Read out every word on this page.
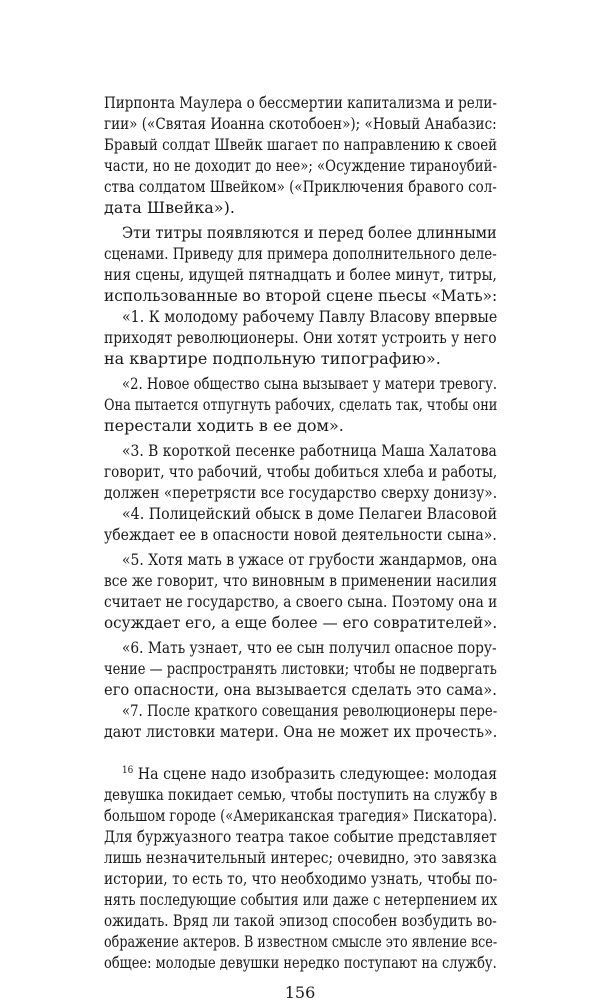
Пирпонта Маулера о бессмертии капитализма и рели-
гии» («Святая Иоанна скотобоен»); «Новый Анабазис:
Бравый солдат Швейк шагает по направлению к своей
части, но не доходит до нее»; «Осуждение тираноубий-
ства солдатом Швейком» («Приключения бравого сол-
дата Швейка»).
Эти титры появляются и перед более длинными
сценами. Приведу для примера дополнительного деле-
ния сцены, идущей пятнадцать и более минут, титры,
использованные во второй сцене пьесы «Мать»:
«1. К молодому рабочему Павлу Власову впервые
приходят революционеры. Они хотят устроить у него
на квартире подпольную типографию».
«2. Новое общество сына вызывает у матери тревогу.
Она пытается отпугнуть рабочих, сделать так, чтобы они
перестали ходить в ее дом».
«3. В короткой песенке работница Маша Халатова
говорит, что рабочий, чтобы добиться хлеба и работы,
должен «перетрясти все государство сверху донизу».
«4. Полицейский обыск в доме Пелагеи Власовой
убеждает ее в опасности новой деятельности сына».
«5. Хотя мать в ужасе от грубости жандармов, она
все же говорит, что виновным в применении насилия
считает не государство, а своего сына. Поэтому она и
осуждает его, а еще более — его совратителей».
«6. Мать узнает, что ее сын получил опасное пору-
чение — распространять листовки; чтобы не подвергать
его опасности, она вызывается сделать это сама».
«7. После краткого совещания революционеры пере-
дают листовки матери. Она не может их прочесть».
$^{16}$ На сцене надо изобразить следующее: молодая
девушка покидает семью, чтобы поступить на службу в
большом городе («Американская трагедия» Пискатора).
Для буржуазного театра такое событие представляет
лишь незначительный интерес; очевидно, это завязка
истории, то есть то, что необходимо узнать, чтобы по-
нять последующие события или даже с нетерпением их
ожидать. Вряд ли такой эпизод способен возбудить во-
ображение актеров. В известном смысле это явление все-
общее: молодые девушки нередко поступают на службу.
156
